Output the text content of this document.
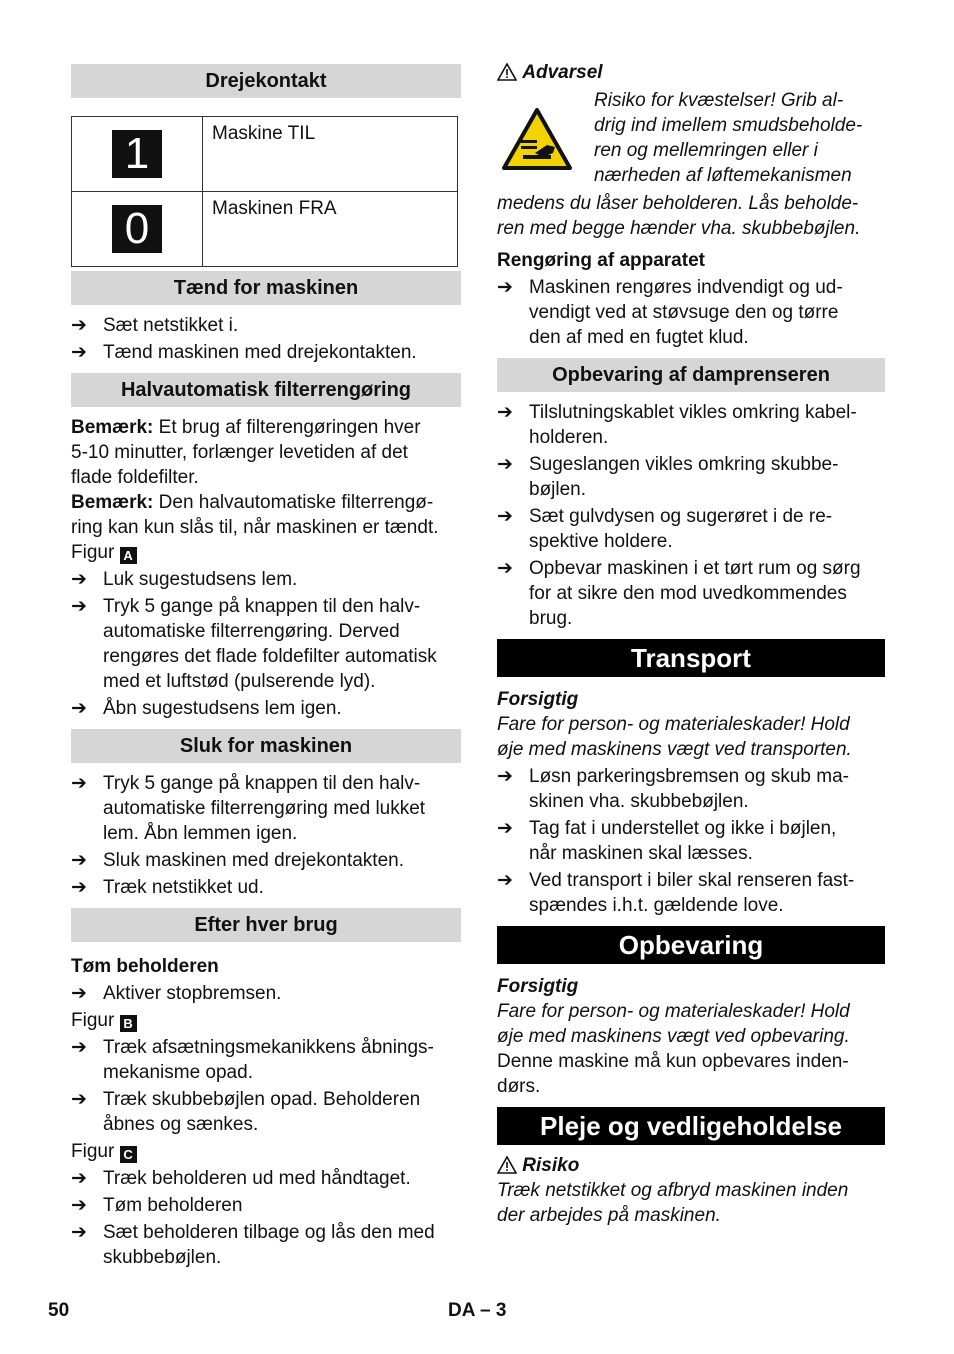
Drejekontakt
1	Maskine TIL
0	Maskinen FRA
Tænd for maskinen
➔ Sæt netstikket i.
➔ Tænd maskinen med drejekontakten.
Halvautomatisk filterrengøring
Bemærk: Et brug af filterengøringen hver
5-10 minutter, forlænger levetiden af det
flade foldefilter.
Bemærk: Den halvautomatiske filterrengø-
ring kan kun slås til, når maskinen er tændt.
Figur A
➔ Luk sugestudsens lem.
➔ Tryk 5 gange på knappen til den halv-
automatiske filterrengøring. Derved
rengøres det flade foldefilter automatisk
med et luftstød (pulserende lyd).
➔ Åbn sugestudsens lem igen.
Sluk for maskinen
➔ Tryk 5 gange på knappen til den halv-
automatiske filterrengøring med lukket
lem. Åbn lemmen igen.
➔ Sluk maskinen med drejekontakten.
➔ Træk netstikket ud.
Efter hver brug
Tøm beholderen
➔ Aktiver stopbremsen.
Figur B
➔ Træk afsætningsmekanikkens åbnings-
mekanisme opad.
➔ Træk skubbebøjlen opad. Beholderen
åbnes og sænkes.
Figur C
➔ Træk beholderen ud med håndtaget.
➔ Tøm beholderen
➔ Sæt beholderen tilbage og lås den med
skubbebøjlen.
Advarsel
Risiko for kvæstelser! Grib al-
drig ind imellem smudsbeholde-
ren og mellemringen eller i
nærheden af løftemekanismen
medens du låser beholderen. Lås beholde-
ren med begge hænder vha. skubbebøjlen.
Rengøring af apparatet
➔ Maskinen rengøres indvendigt og ud-
vendigt ved at støvsuge den og tørre
den af med en fugtet klud.
Opbevaring af damprenseren
➔ Tilslutningskablet vikles omkring kabel-
holderen.
➔ Sugeslangen vikles omkring skubbe-
bøjlen.
➔ Sæt gulvdysen og sugerøret i de re-
spektive holdere.
➔ Opbevar maskinen i et tørt rum og sørg
for at sikre den mod uvedkommendes
brug.
Transport
Forsigtig
Fare for person- og materialeskader! Hold
øje med maskinens vægt ved transporten.
➔ Løsn parkeringsbremsen og skub ma-
skinen vha. skubbebøjlen.
➔ Tag fat i understellet og ikke i bøjlen,
når maskinen skal læsses.
➔ Ved transport i biler skal renseren fast-
spændes i.h.t. gældende love.
Opbevaring
Forsigtig
Fare for person- og materialeskader! Hold
øje med maskinens vægt ved opbevaring.
Denne maskine må kun opbevares inden-
dørs.
Pleje og vedligeholdelse
Risiko
Træk netstikket og afbryd maskinen inden
der arbejdes på maskinen.
50	DA – 3
